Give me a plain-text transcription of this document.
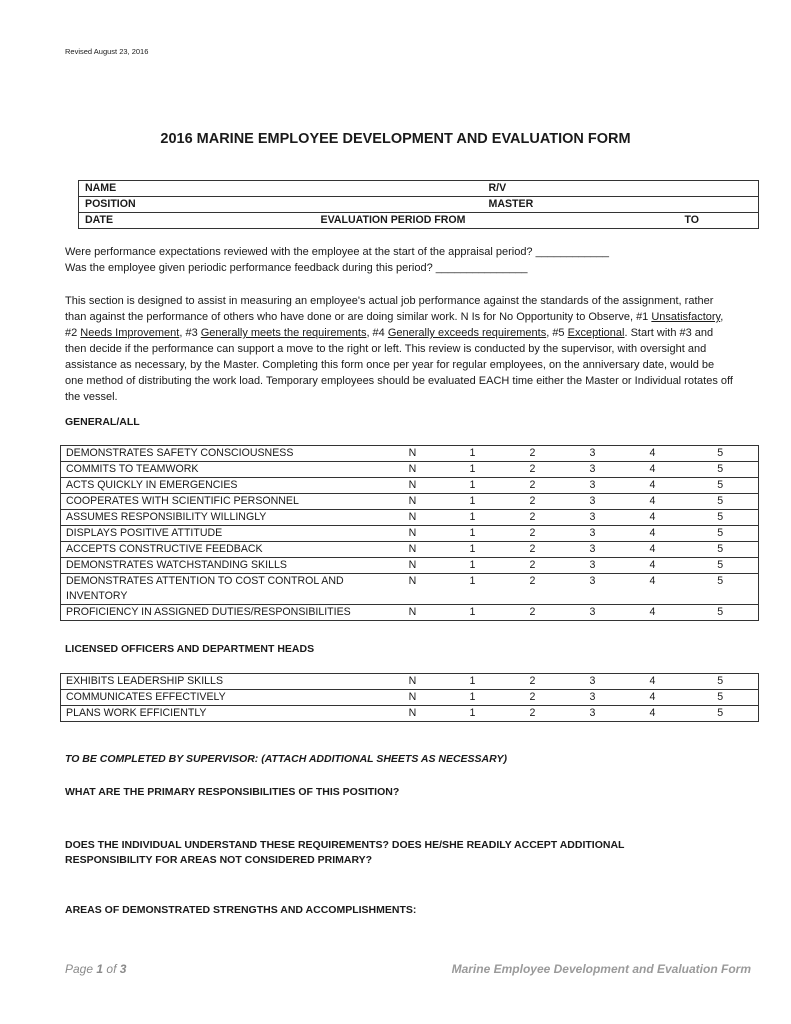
Revised August 23, 2016
2016 MARINE EMPLOYEE DEVELOPMENT AND EVALUATION FORM
NAME		R/V	
POSITION		MASTER	
DATE	EVALUATION PERIOD FROM		TO
Were performance expectations reviewed with the employee at the start of the appraisal period? ____________
Was the employee given periodic performance feedback during this period? _______________
This section is designed to assist in measuring an employee's actual job performance against the standards of the assignment, rather than against the performance of others who have done or are doing similar work. N Is for No Opportunity to Observe, #1 Unsatisfactory, #2 Needs Improvement, #3 Generally meets the requirements, #4 Generally exceeds requirements, #5 Exceptional. Start with #3 and then decide if the performance can support a move to the right or left. This review is conducted by the supervisor, with oversight and assistance as necessary, by the Master. Completing this form once per year for regular employees, on the anniversary date, would be one method of distributing the work load. Temporary employees should be evaluated EACH time either the Master or Individual rotates off the vessel.
GENERAL/ALL
DEMONSTRATES SAFETY CONSCIOUSNESS	N	1	2	3	4	5
COMMITS TO TEAMWORK	N	1	2	3	4	5
ACTS QUICKLY IN EMERGENCIES	N	1	2	3	4	5
COOPERATES WITH SCIENTIFIC PERSONNEL	N	1	2	3	4	5
ASSUMES RESPONSIBILITY WILLINGLY	N	1	2	3	4	5
DISPLAYS POSITIVE ATTITUDE	N	1	2	3	4	5
ACCEPTS CONSTRUCTIVE FEEDBACK	N	1	2	3	4	5
DEMONSTRATES WATCHSTANDING SKILLS	N	1	2	3	4	5
DEMONSTRATES ATTENTION TO COST CONTROL AND INVENTORY	N	1	2	3	4	5
PROFICIENCY IN ASSIGNED DUTIES/RESPONSIBILITIES	N	1	2	3	4	5
LICENSED OFFICERS AND DEPARTMENT HEADS
EXHIBITS LEADERSHIP SKILLS	N	1	2	3	4	5
COMMUNICATES EFFECTIVELY	N	1	2	3	4	5
PLANS WORK EFFICIENTLY	N	1	2	3	4	5
TO BE COMPLETED BY SUPERVISOR: (ATTACH ADDITIONAL SHEETS AS NECESSARY)
WHAT ARE THE PRIMARY RESPONSIBILITIES OF THIS POSITION?
DOES THE INDIVIDUAL UNDERSTAND THESE REQUIREMENTS? DOES HE/SHE READILY ACCEPT ADDITIONAL RESPONSIBILITY FOR AREAS NOT CONSIDERED PRIMARY?
AREAS OF DEMONSTRATED STRENGTHS AND ACCOMPLISHMENTS:
Page 1 of 3	Marine Employee Development and Evaluation Form
